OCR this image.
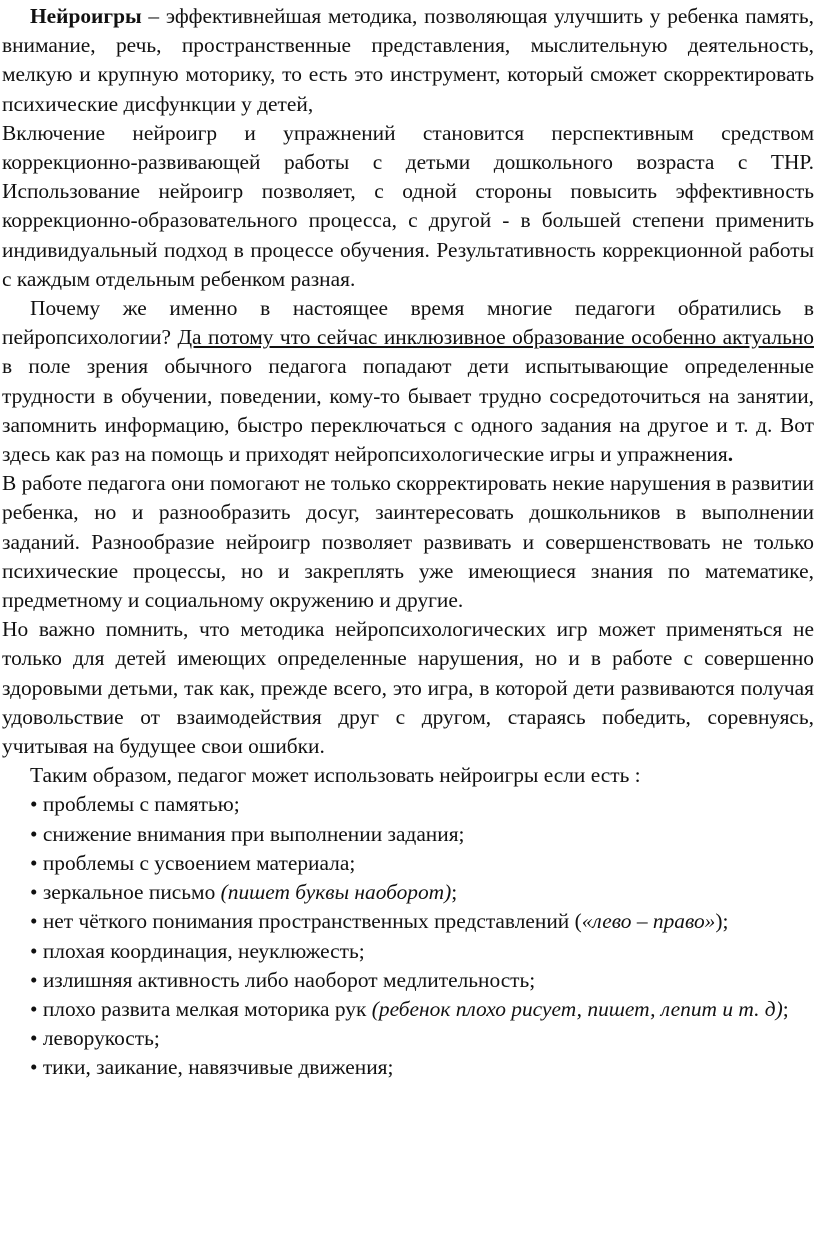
Нейроигры – эффективнейшая методика, позволяющая улучшить у ребенка память, внимание, речь, пространственные представления, мыслительную деятельность, мелкую и крупную моторику, то есть это инструмент, который сможет скорректировать психические дисфункции у детей,

Включение нейроигр и упражнений становится перспективным средством коррекционно-развивающей работы с детьми дошкольного возраста с ТНР. Использование нейроигр позволяет, с одной стороны повысить эффективность коррекционно-образовательного процесса, с другой - в большей степени применить индивидуальный подход в процессе обучения. Результативность коррекционной работы с каждым отдельным ребенком разная.

Почему же именно в настоящее время многие педагоги обратились в пейропсихологии? Да потому что сейчас инклюзивное образование особенно актуально в поле зрения обычного педагога попадают дети испытывающие определенные трудности в обучении, поведении, кому-то бывает трудно сосредоточиться на занятии, запомнить информацию, быстро переключаться с одного задания на другое и т. д. Вот здесь как раз на помощь и приходят нейропсихологические игры и упражнения.

В работе педагога они помогают не только скорректировать некие нарушения в развитии ребенка, но и разнообразить досуг, заинтересовать дошкольников в выполнении заданий. Разнообразие нейроигр позволяет развивать и совершенствовать не только психические процессы, но и закреплять уже имеющиеся знания по математике, предметному и социальному окружению и другие.

Но важно помнить, что методика нейропсихологических игр может применяться не только для детей имеющих определенные нарушения, но и в работе с совершенно здоровыми детьми, так как, прежде всего, это игра, в которой дети развиваются получая удовольствие от взаимодействия друг с другом, стараясь победить, соревнуясь, учитывая на будущее свои ошибки.

Таким образом, педагог может использовать нейроигры если есть :

• проблемы с памятью;

• снижение внимания при выполнении задания;

• проблемы с усвоением материала;

• зеркальное письмо (пишет буквы наоборот);

• нет чёткого понимания пространственных представлений («лево – право»);

• плохая координация, неуклюжесть;

• излишняя активность либо наоборот медлительность;

• плохо развита мелкая моторика рук (ребенок плохо рисует, пишет, лепит и т. д);

• леворукость;

• тики, заикание, навязчивые движения;
